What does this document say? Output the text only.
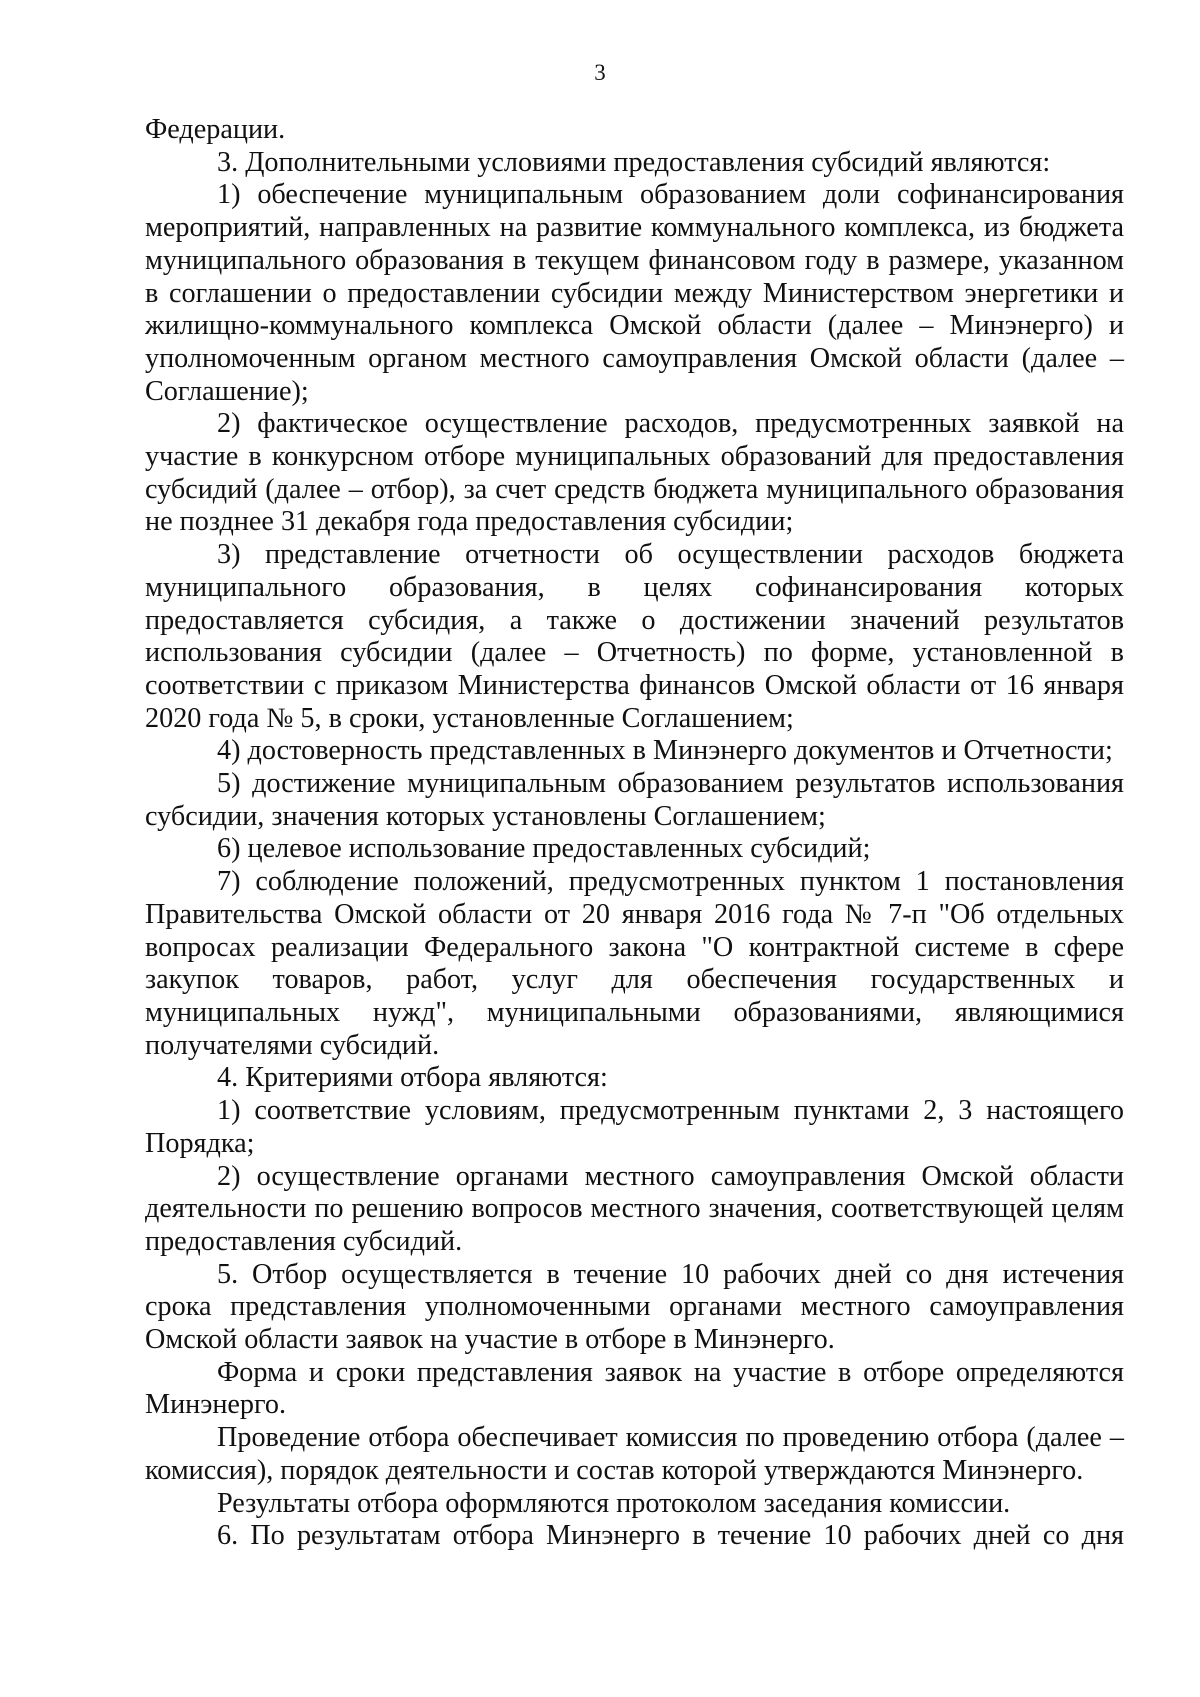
3

Федерации.

3. Дополнительными условиями предоставления субсидий являются:

1) обеспечение муниципальным образованием доли софинансирования мероприятий, направленных на развитие коммунального комплекса, из бюджета муниципального образования в текущем финансовом году в размере, указанном в соглашении о предоставлении субсидии между Министерством энергетики и жилищно-коммунального комплекса Омской области (далее – Минэнерго) и уполномоченным органом местного самоуправления Омской области (далее – Соглашение);

2) фактическое осуществление расходов, предусмотренных заявкой на участие в конкурсном отборе муниципальных образований для предоставления субсидий (далее – отбор), за счет средств бюджета муниципального образования не позднее 31 декабря года предоставления субсидии;

3) представление отчетности об осуществлении расходов бюджета муниципального образования, в целях софинансирования которых предоставляется субсидия, а также о достижении значений результатов использования субсидии (далее – Отчетность) по форме, установленной в соответствии с приказом Министерства финансов Омской области от 16 января 2020 года № 5, в сроки, установленные Соглашением;

4) достоверность представленных в Минэнерго документов и Отчетности;

5) достижение муниципальным образованием результатов использования субсидии, значения которых установлены Соглашением;

6) целевое использование предоставленных субсидий;

7) соблюдение положений, предусмотренных пунктом 1 постановления Правительства Омской области от 20 января 2016 года № 7-п "Об отдельных вопросах реализации Федерального закона "О контрактной системе в сфере закупок товаров, работ, услуг для обеспечения государственных и муниципальных нужд", муниципальными образованиями, являющимися получателями субсидий.

4. Критериями отбора являются:

1) соответствие условиям, предусмотренным пунктами 2, 3 настоящего Порядка;

2) осуществление органами местного самоуправления Омской области деятельности по решению вопросов местного значения, соответствующей целям предоставления субсидий.

5. Отбор осуществляется в течение 10 рабочих дней со дня истечения срока представления уполномоченными органами местного самоуправления Омской области заявок на участие в отборе в Минэнерго.

Форма и сроки представления заявок на участие в отборе определяются Минэнерго.

Проведение отбора обеспечивает комиссия по проведению отбора (далее – комиссия), порядок деятельности и состав которой утверждаются Минэнерго.

Результаты отбора оформляются протоколом заседания комиссии.

6. По результатам отбора Минэнерго в течение 10 рабочих дней со дня
